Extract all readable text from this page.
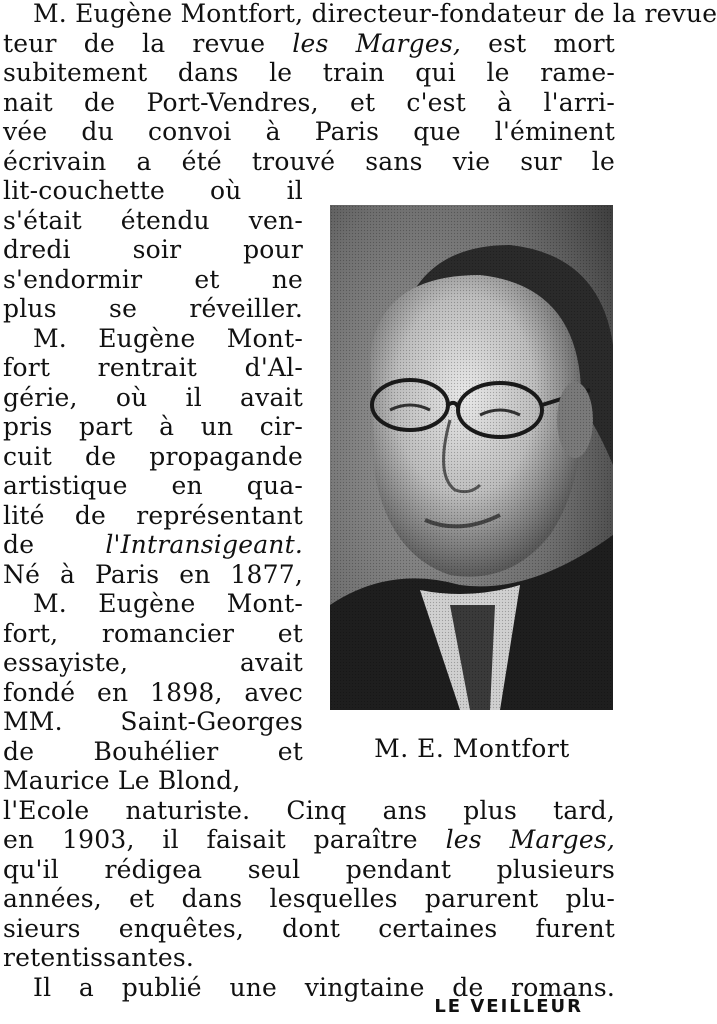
M. Eugène Montfort, directeur-fondateur de la revue
teur de la revue les Marges, est mort
subitement dans le train qui le rame-
nait de Port-Vendres, et c'est à l'arri-
vée du convoi à Paris que l'éminent
écrivain a été trouvé sans vie sur le
lit-couchette où il
s'était étendu ven-
dredi soir pour
s'endormir et ne
plus se réveiller.
M. Eugène Mont-
fort rentrait d'Al-
gérie, où il avait
pris part à un cir-
cuit de propagande
artistique en qua-
lité de représentant
de l'Intransigeant.
Né à Paris en 1877,
M. Eugène Mont-
fort, romancier et
essayiste, avait
fondé en 1898, avec
MM. Saint-Georges
de Bouhélier et
Maurice Le Blond,
l'Ecole naturiste. Cinq ans plus tard,
en 1903, il faisait paraître les Marges,
qu'il rédigea seul pendant plusieurs
années, et dans lesquelles parurent plu-
sieurs enquêtes, dont certaines furent
retentissantes.
Il a publié une vingtaine de romans.
M. E. Montfort
LE VEILLEUR
